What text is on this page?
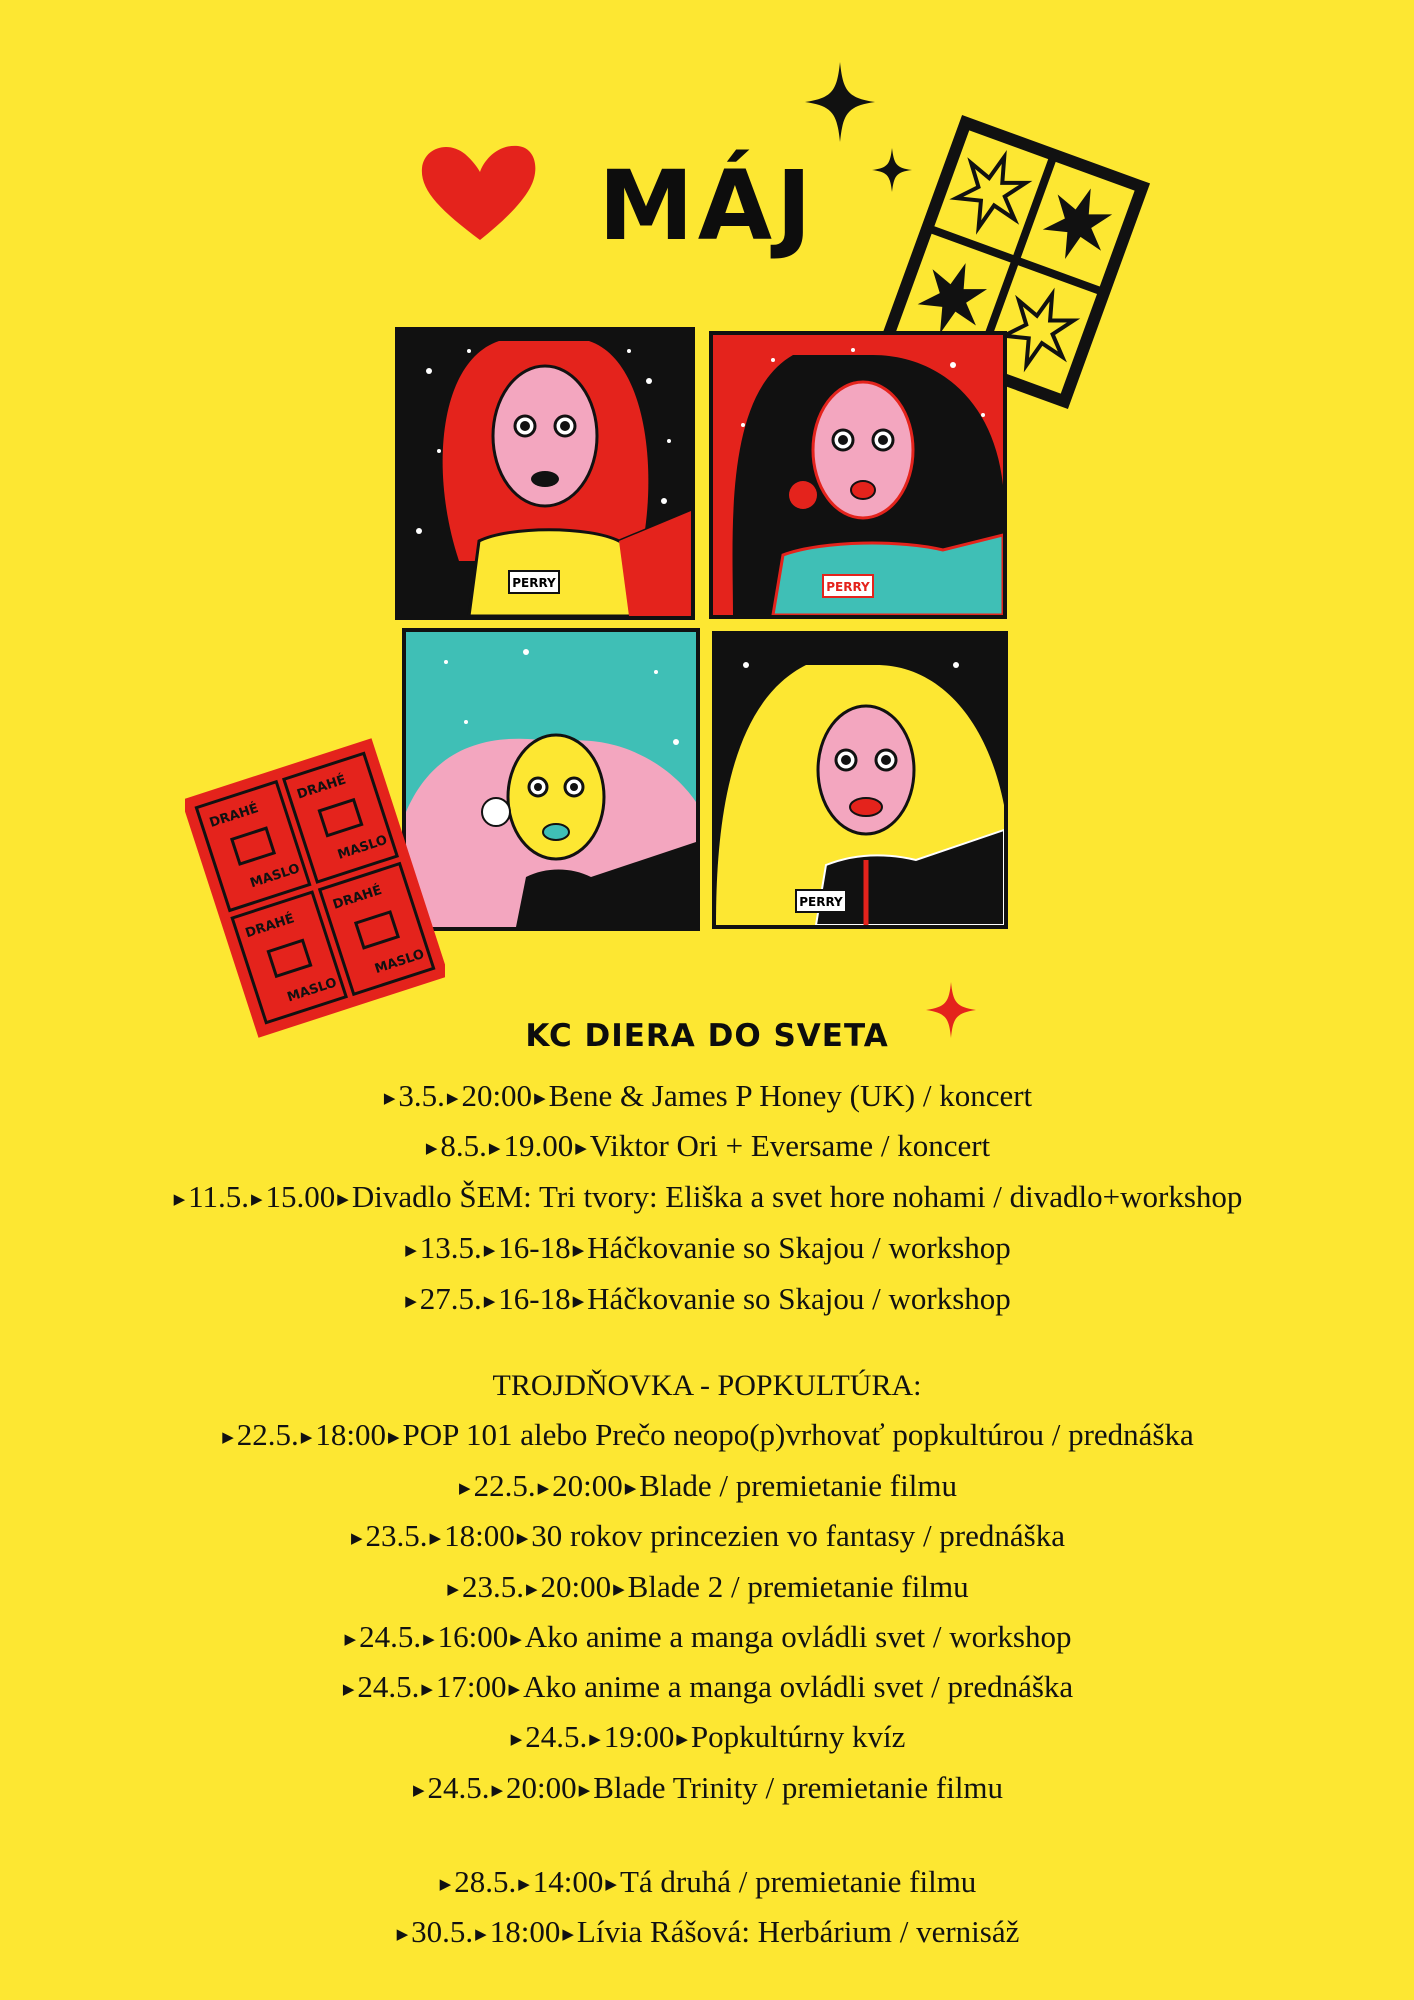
MÁJ
PERRY	PERRY
PERRY
DRAHÉ
MASLO
DRAHÉ
MASLO
DRAHÉ
MASLO
DRAHÉ
MASLO
KC DIERA DO SVETA
▶3.5. ▶20:00 ▶Bene & James P Honey (UK) / koncert
▶8.5. ▶19.00 ▶Viktor Ori + Eversame / koncert
▶11.5. ▶15.00 ▶Divadlo ŠEM: Tri tvory: Eliška a svet hore nohami / divadlo+workshop
▶13.5. ▶16-18 ▶Háčkovanie so Skajou / workshop
▶27.5. ▶16-18 ▶Háčkovanie so Skajou / workshop
TROJDŇOVKA - POPKULTÚRA:
▶22.5. ▶18:00 ▶POP 101 alebo Prečo neopo(p)vrhovať popkultúrou / prednáška
▶22.5. ▶20:00 ▶Blade / premietanie filmu
▶23.5. ▶18:00 ▶30 rokov princezien vo fantasy / prednáška
▶23.5. ▶20:00 ▶Blade 2 / premietanie filmu
▶24.5. ▶16:00 ▶Ako anime a manga ovládli svet / workshop
▶24.5. ▶17:00 ▶Ako anime a manga ovládli svet / prednáška
▶24.5. ▶19:00 ▶Popkultúrny kvíz
▶24.5. ▶20:00 ▶Blade Trinity / premietanie filmu
▶28.5. ▶14:00 ▶Tá druhá / premietanie filmu
▶30.5. ▶18:00 ▶Lívia Rášová: Herbárium / vernisáž
